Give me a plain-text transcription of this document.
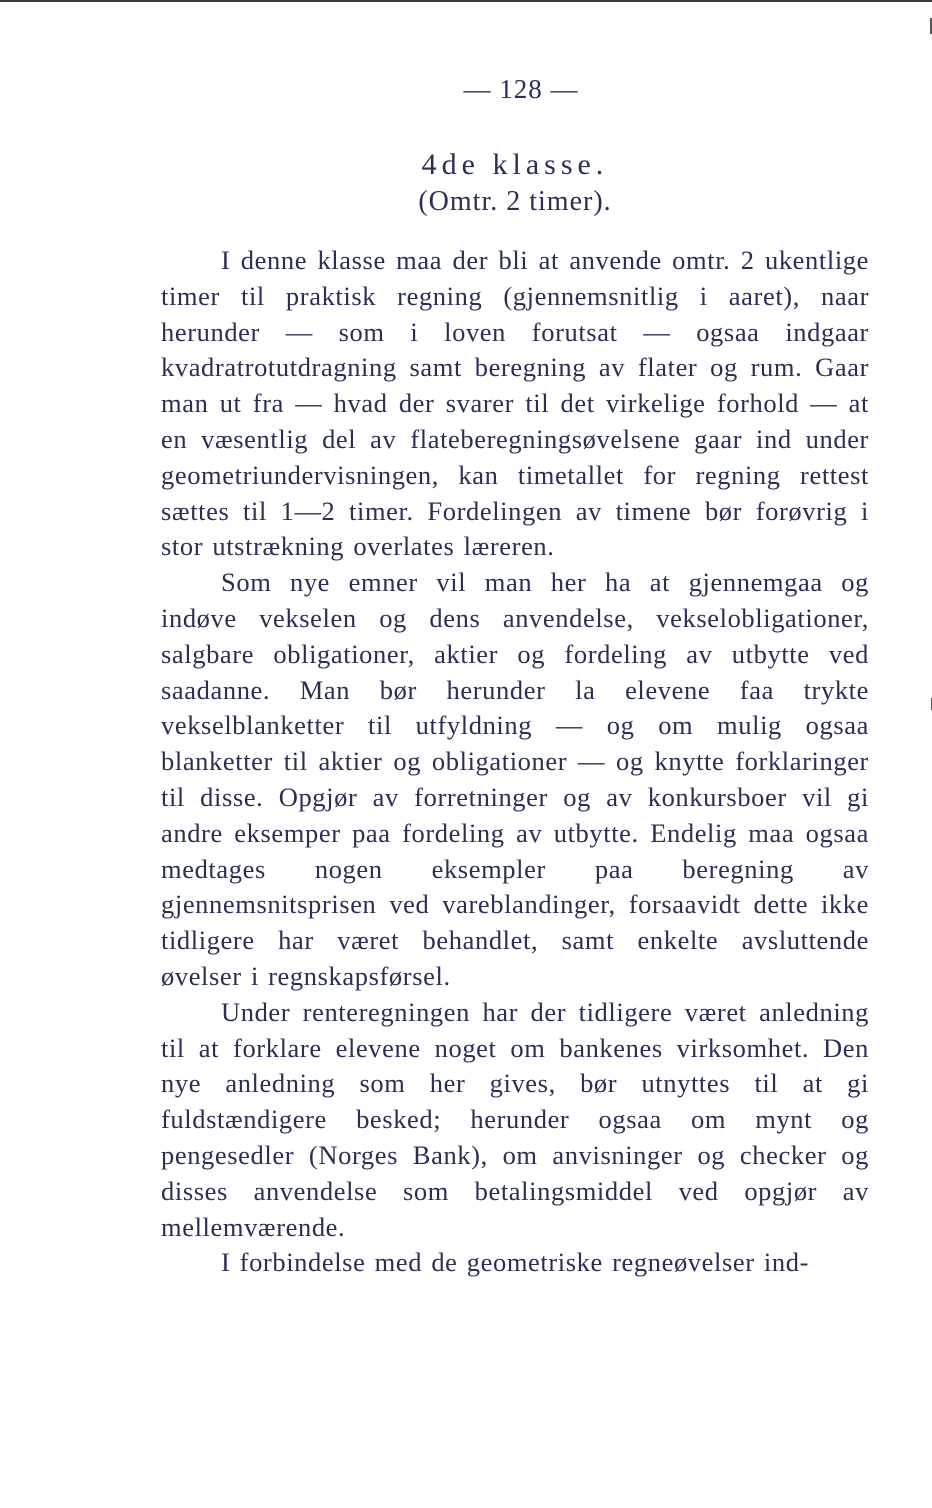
— 128 —
4de klasse.
(Omtr. 2 timer).

I denne klasse maa der bli at anvende omtr. 2 ukentlige timer til praktisk regning (gjennemsnitlig i aaret), naar herunder — som i loven forutsat — ogsaa indgaar kvadratrotutdragning samt beregning av flater og rum. Gaar man ut fra — hvad der svarer til det virkelige forhold — at en væsentlig del av flateberegningsøvelsene gaar ind under geometriundervisningen, kan timetallet for regning rettest sættes til 1—2 timer. Fordelingen av timene bør forøvrig i stor utstrækning overlates læreren.

Som nye emner vil man her ha at gjennemgaa og indøve vekselen og dens anvendelse, vekselobligationer, salgbare obligationer, aktier og fordeling av utbytte ved saadanne. Man bør herunder la elevene faa trykte vekselblanketter til utfyldning — og om mulig ogsaa blanketter til aktier og obligationer — og knytte forklaringer til disse. Opgjør av forretninger og av konkursboer vil gi andre eksemper paa fordeling av utbytte. Endelig maa ogsaa medtages nogen eksempler paa beregning av gjennemsnitsprisen ved vareblandinger, forsaavidt dette ikke tidligere har været behandlet, samt enkelte avsluttende øvelser i regnskapsførsel.

Under renteregningen har der tidligere været anledning til at forklare elevene noget om bankenes virksomhet. Den nye anledning som her gives, bør utnyttes til at gi fuldstændigere besked; herunder ogsaa om mynt og pengesedler (Norges Bank), om anvisninger og checker og disses anvendelse som betalingsmiddel ved opgjør av mellemværende.

I forbindelse med de geometriske regneøvelser ind-
